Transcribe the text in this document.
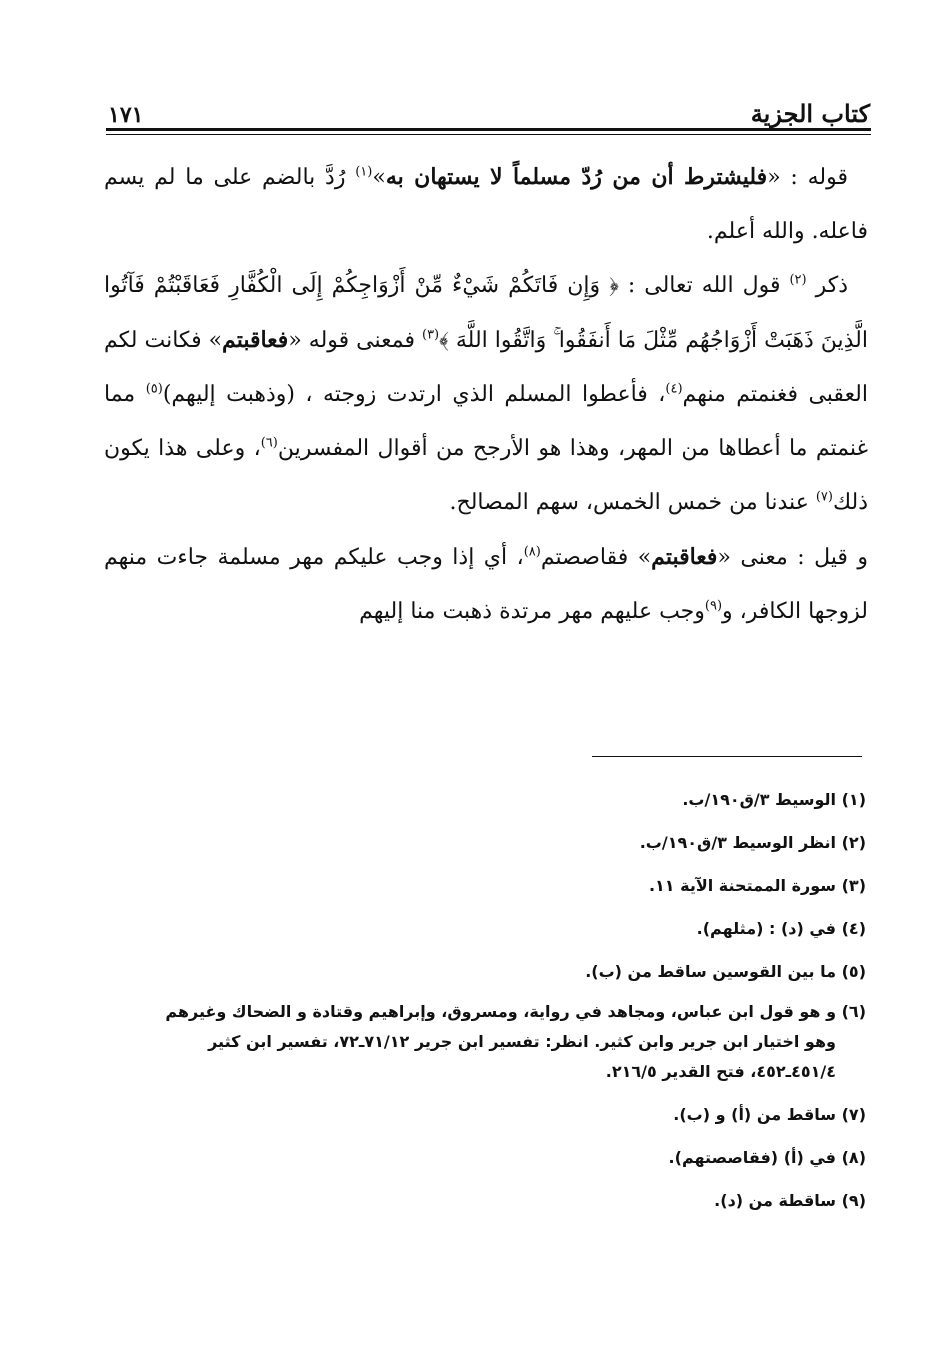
كتاب الجزية
١٧١

قوله : «فليشترط أن من رُدّ مسلماً لا يستهان به»$^{(١)}$ رُدَّ بالضم على ما لم يسم فاعله. والله أعلم.

ذكر $^{(٢)}$ قول الله تعالى : ﴿ وَإِن فَاتَكُمْ شَيْءٌ مِّنْ أَزْوَاجِكُمْ إِلَى الْكُفَّارِ فَعَاقَبْتُمْ فَآتُوا الَّذِينَ ذَهَبَتْ أَزْوَاجُهُم مِّثْلَ مَا أَنفَقُوا ۚ وَاتَّقُوا اللَّهَ ﴾$^{(٣)}$ فمعنى قوله «فعاقبتم» فكانت لكم العقبى فغنمتم منهم$^{(٤)}$، فأعطوا المسلم الذي ارتدت زوجته ، (وذهبت إليهم)$^{(٥)}$ مما غنمتم ما أعطاها من المهر، وهذا هو الأرجح من أقوال المفسرين$^{(٦)}$، وعلى هذا يكون ذلك$^{(٧)}$ عندنا من خمس الخمس، سهم المصالح.

و قيل : معنى «فعاقبتم» فقاصصتم$^{(٨)}$، أي إذا وجب عليكم مهر مسلمة جاءت منهم لزوجها الكافر، و$^{(٩)}$وجب عليهم مهر مرتدة ذهبت منا إليهم

(١) الوسيط ٣/ق١٩٠/ب.
(٢) انظر الوسيط ٣/ق١٩٠/ب.
(٣) سورة الممتحنة الآية ١١.
(٤) في (د) : (مثلهم).
(٥) ما بين القوسين ساقط من (ب).
(٦) و هو قول ابن عباس، ومجاهد في رواية، ومسروق، وإبراهيم وقتادة و الضحاك وغيرهم
وهو اختيار ابن جرير وابن كثير. انظر: تفسير ابن جرير ٧١/١٢ـ٧٢، تفسير ابن كثير
٤٥١/٤ـ٤٥٢، فتح القدير ٢١٦/٥.
(٧) ساقط من (أ) و (ب).
(٨) في (أ) (فقاصصتهم).
(٩) ساقطة من (د).
